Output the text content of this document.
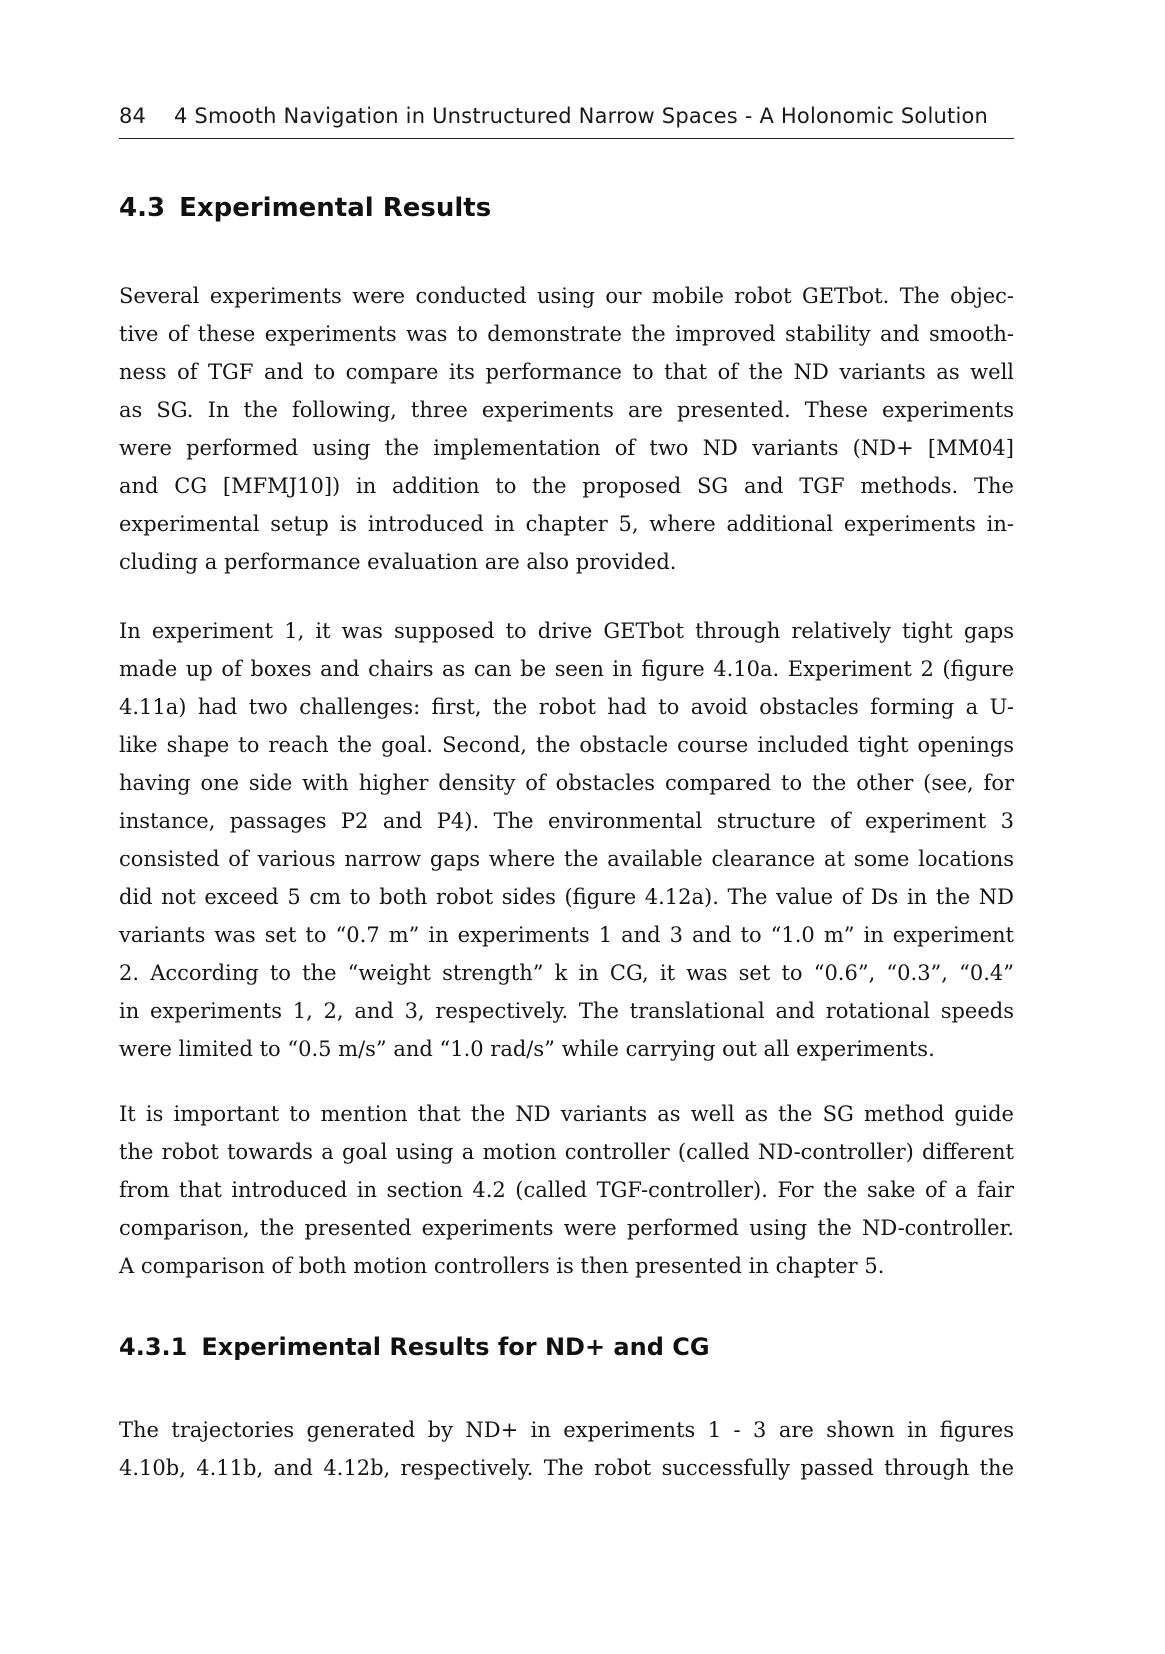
84 4 Smooth Navigation in Unstructured Narrow Spaces - A Holonomic Solution
4.3 Experimental Results
Several experiments were conducted using our mobile robot GETbot. The objec-
tive of these experiments was to demonstrate the improved stability and smooth-
ness of TGF and to compare its performance to that of the ND variants as well
as SG. In the following, three experiments are presented. These experiments
were performed using the implementation of two ND variants (ND+ [MM04]
and CG [MFMJ10]) in addition to the proposed SG and TGF methods. The
experimental setup is introduced in chapter 5, where additional experiments in-
cluding a performance evaluation are also provided.
In experiment 1, it was supposed to drive GETbot through relatively tight gaps
made up of boxes and chairs as can be seen in figure 4.10a. Experiment 2 (figure
4.11a) had two challenges: first, the robot had to avoid obstacles forming a U-
like shape to reach the goal. Second, the obstacle course included tight openings
having one side with higher density of obstacles compared to the other (see, for
instance, passages P2 and P4). The environmental structure of experiment 3
consisted of various narrow gaps where the available clearance at some locations
did not exceed 5 cm to both robot sides (figure 4.12a). The value of Ds in the ND
variants was set to “0.7 m” in experiments 1 and 3 and to “1.0 m” in experiment
2. According to the “weight strength” k in CG, it was set to “0.6”, “0.3”, “0.4”
in experiments 1, 2, and 3, respectively. The translational and rotational speeds
were limited to “0.5 m/s” and “1.0 rad/s” while carrying out all experiments.
It is important to mention that the ND variants as well as the SG method guide
the robot towards a goal using a motion controller (called ND-controller) different
from that introduced in section 4.2 (called TGF-controller). For the sake of a fair
comparison, the presented experiments were performed using the ND-controller.
A comparison of both motion controllers is then presented in chapter 5.
4.3.1 Experimental Results for ND+ and CG
The trajectories generated by ND+ in experiments 1 - 3 are shown in figures
4.10b, 4.11b, and 4.12b, respectively. The robot successfully passed through the
